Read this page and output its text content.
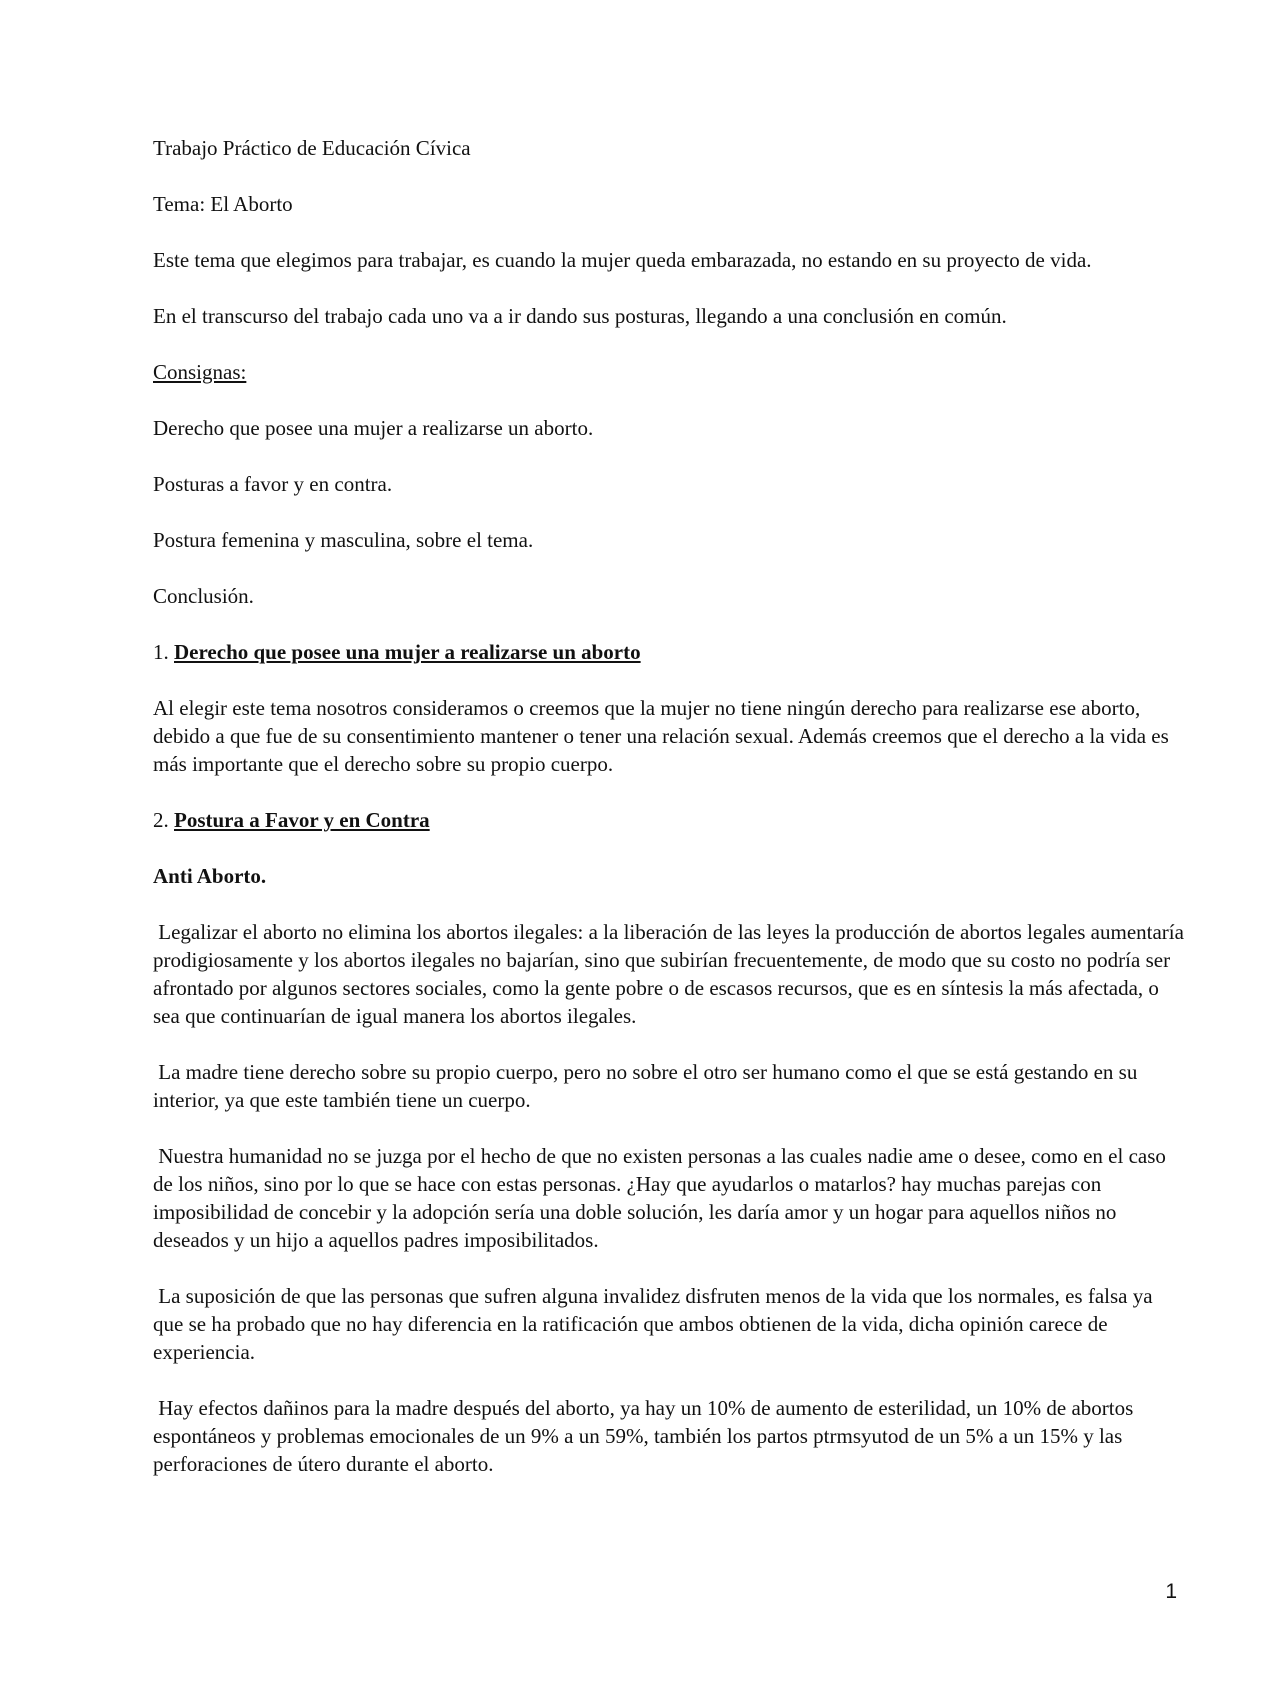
Trabajo Práctico de Educación Cívica

Tema: El Aborto

Este tema que elegimos para trabajar, es cuando la mujer queda embarazada, no estando en su proyecto de vida.

En el transcurso del trabajo cada uno va a ir dando sus posturas, llegando a una conclusión en común.

Consignas:

Derecho que posee una mujer a realizarse un aborto.

Posturas a favor y en contra.

Postura femenina y masculina, sobre el tema.

Conclusión.

1. Derecho que posee una mujer a realizarse un aborto

Al elegir este tema nosotros consideramos o creemos que la mujer no tiene ningún derecho para realizarse ese aborto, debido a que fue de su consentimiento mantener o tener una relación sexual. Además creemos que el derecho a la vida es más importante que el derecho sobre su propio cuerpo.

2. Postura a Favor y en Contra

Anti Aborto.

Legalizar el aborto no elimina los abortos ilegales: a la liberación de las leyes la producción de abortos legales aumentaría prodigiosamente y los abortos ilegales no bajarían, sino que subirían frecuentemente, de modo que su costo no podría ser afrontado por algunos sectores sociales, como la gente pobre o de escasos recursos, que es en síntesis la más afectada, o sea que continuarían de igual manera los abortos ilegales.

La madre tiene derecho sobre su propio cuerpo, pero no sobre el otro ser humano como el que se está gestando en su interior, ya que este también tiene un cuerpo.

Nuestra humanidad no se juzga por el hecho de que no existen personas a las cuales nadie ame o desee, como en el caso de los niños, sino por lo que se hace con estas personas. ¿Hay que ayudarlos o matarlos? hay muchas parejas con imposibilidad de concebir y la adopción sería una doble solución, les daría amor y un hogar para aquellos niños no deseados y un hijo a aquellos padres imposibilitados.

La suposición de que las personas que sufren alguna invalidez disfruten menos de la vida que los normales, es falsa ya que se ha probado que no hay diferencia en la ratificación que ambos obtienen de la vida, dicha opinión carece de experiencia.

Hay efectos dañinos para la madre después del aborto, ya hay un 10% de aumento de esterilidad, un 10% de abortos espontáneos y problemas emocionales de un 9% a un 59%, también los partos ptrmsyutod de un 5% a un 15% y las perforaciones de útero durante el aborto.

1
